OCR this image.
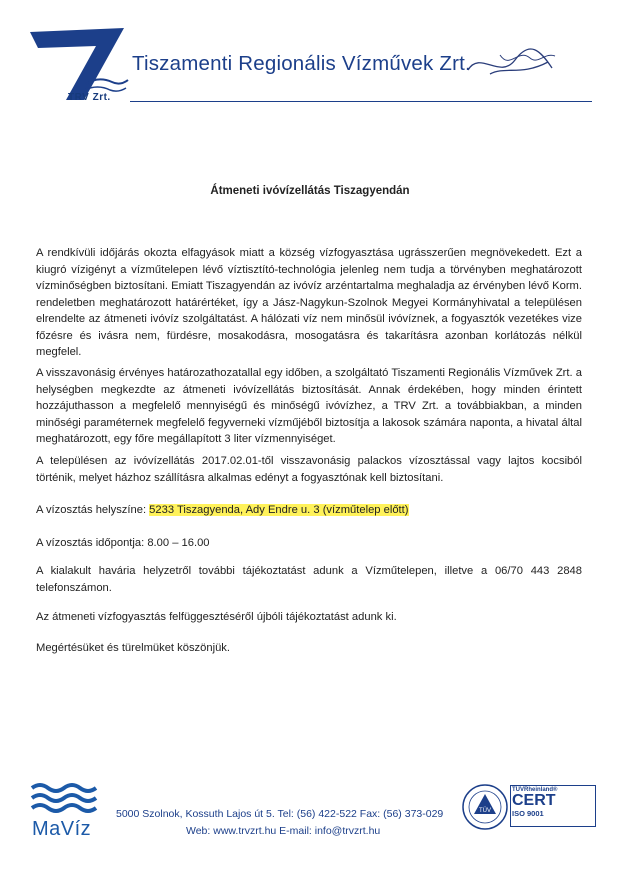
TRV Zrt.
Tiszamenti Regionális Vízművek Zrt.
Átmeneti ivóvízellátás Tiszagyendán
A rendkívüli időjárás okozta elfagyások miatt a község vízfogyasztása ugrásszerűen megnövekedett. Ezt a kiugró vízigényt a vízműtelepen lévő víztisztító-technológia jelenleg nem tudja a törvényben meghatározott vízminőségben biztosítani. Emiatt Tiszagyendán az ivóvíz arzéntartalma meghaladja az érvényben lévő Korm. rendeletben meghatározott határértéket, így a Jász-Nagykun-Szolnok Megyei Kormányhivatal a településen elrendelte az átmeneti ivóvíz szolgáltatást. A hálózati víz nem minősül ivóvíznek, a fogyasztók vezetékes vize főzésre és ivásra nem, fürdésre, mosakodásra, mosogatásra és takarításra azonban korlátozás nélkül megfelel.
A visszavonásig érvényes határozathozatallal egy időben, a szolgáltató Tiszamenti Regionális Vízművek Zrt. a helységben megkezdte az átmeneti ivóvízellátás biztosítását. Annak érdekében, hogy minden érintett hozzájuthasson a megfelelő mennyiségű és minőségű ivóvízhez, a TRV Zrt. a továbbiakban, a minden minőségi paraméternek megfelelő fegyverneki vízműjéből biztosítja a lakosok számára naponta, a hivatal által meghatározott, egy főre megállapított 3 liter vízmennyiséget.
A településen az ivóvízellátás 2017.02.01-től visszavonásig palackos vízosztással vagy lajtos kocsiból történik, melyet házhoz szállításra alkalmas edényt a fogyasztónak kell biztosítani.
A vízosztás helyszíne: 5233 Tiszagyenda, Ady Endre u. 3 (vízműtelep előtt)
A vízosztás időpontja: 8.00 – 16.00
A kialakult havária helyzetről további tájékoztatást adunk a Vízműtelepen, illetve a 06/70 443 2848 telefonszámon.
Az átmeneti vízfogyasztás felfüggesztéséről újbóli tájékoztatást adunk ki.
Megértésüket és türelmüket köszönjük.
MaVíz
5000 Szolnok, Kossuth Lajos út 5. Tel: (56) 422-522 Fax: (56) 373-029
Web: www.trvzrt.hu E-mail: info@trvzrt.hu
TÜV
TÜVRheinland®
CERT
ISO 9001
